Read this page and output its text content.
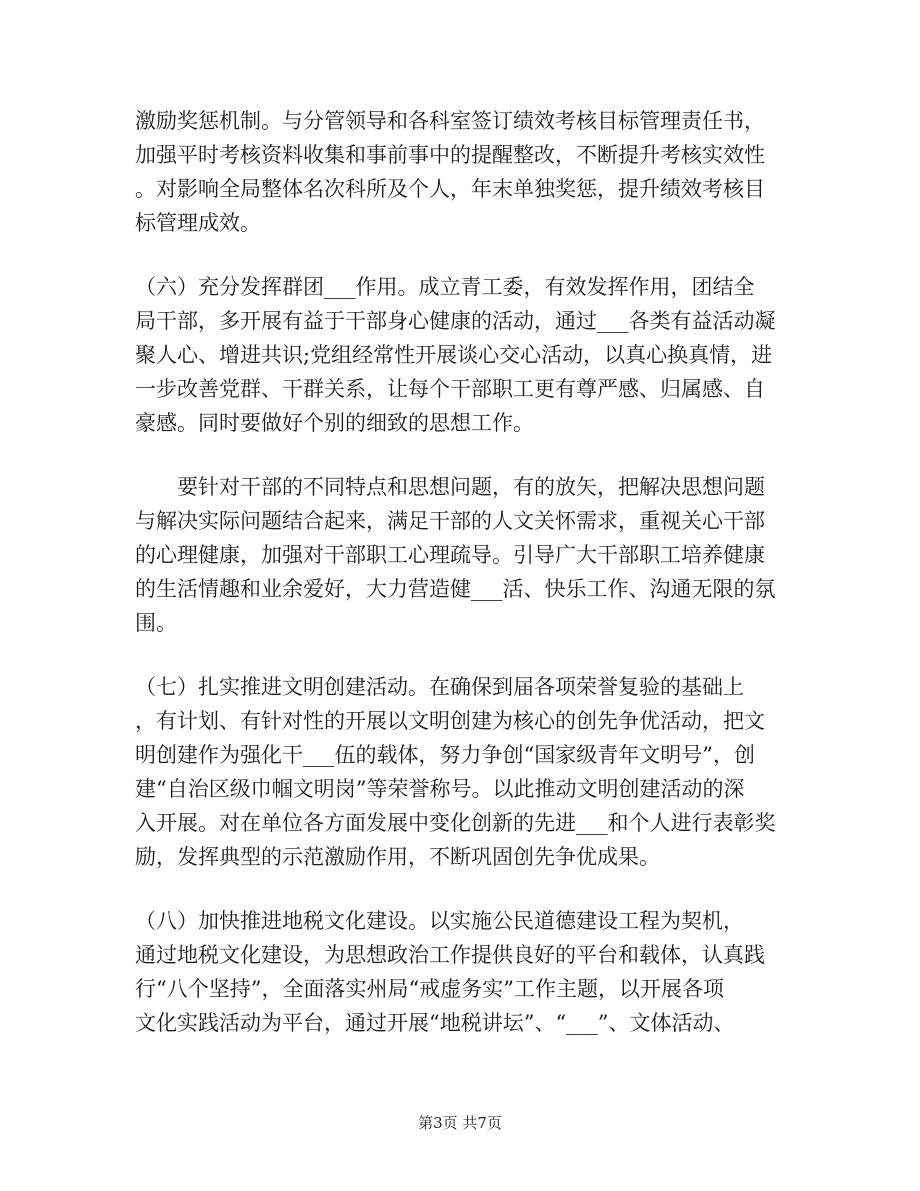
激励奖惩机制。与分管领导和各科室签订绩效考核目标管理责任书，
加强平时考核资料收集和事前事中的提醒整改，不断提升考核实效性
。对影响全局整体名次科所及个人，年末单独奖惩，提升绩效考核目
标管理成效。
（六）充分发挥群团___作用。成立青工委，有效发挥作用，团结全
局干部，多开展有益于干部身心健康的活动，通过___各类有益活动凝
聚人心、增进共识;党组经常性开展谈心交心活动，以真心换真情，进
一步改善党群、干群关系，让每个干部职工更有尊严感、归属感、自
豪感。同时要做好个别的细致的思想工作。
　　要针对干部的不同特点和思想问题，有的放矢，把解决思想问题
与解决实际问题结合起来，满足干部的人文关怀需求，重视关心干部
的心理健康，加强对干部职工心理疏导。引导广大干部职工培养健康
的生活情趣和业余爱好，大力营造健___活、快乐工作、沟通无限的氛
围。
（七）扎实推进文明创建活动。在确保到届各项荣誉复验的基础上
，有计划、有针对性的开展以文明创建为核心的创先争优活动，把文
明创建作为强化干___伍的载体，努力争创“国家级青年文明号”，创
建“自治区级巾帼文明岗”等荣誉称号。以此推动文明创建活动的深
入开展。对在单位各方面发展中变化创新的先进___和个人进行表彰奖
励，发挥典型的示范激励作用，不断巩固创先争优成果。
（八）加快推进地税文化建设。以实施公民道德建设工程为契机，
通过地税文化建设，为思想政治工作提供良好的平台和载体，认真践
行“八个坚持”，全面落实州局“戒虚务实”工作主题，以开展各项
文化实践活动为平台，通过开展“地税讲坛”、“___”、文体活动、
第3页 共7页
